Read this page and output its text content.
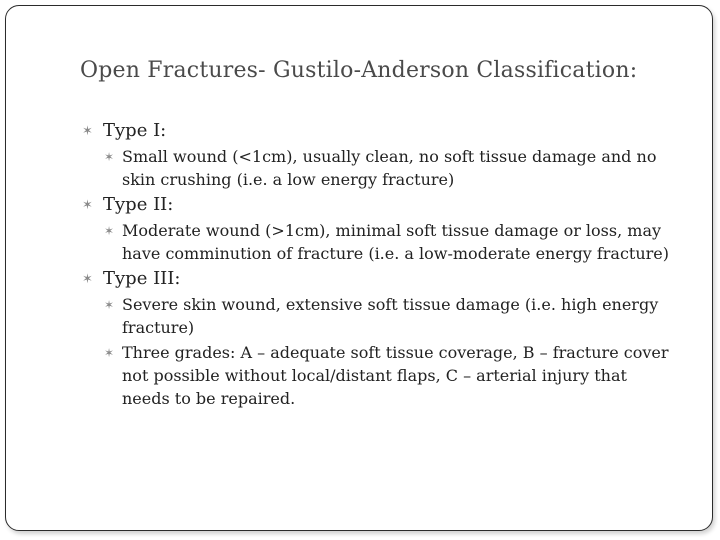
Open Fractures- Gustilo-Anderson Classification:
✶ Type I:
✶ Small wound (<1cm), usually clean, no soft tissue damage and no skin crushing (i.e. a low energy fracture)
✶ Type II:
✶ Moderate wound (>1cm), minimal soft tissue damage or loss, may have comminution of fracture (i.e. a low-moderate energy fracture)
✶ Type III:
✶ Severe skin wound, extensive soft tissue damage (i.e. high energy fracture)
✶ Three grades: A – adequate soft tissue coverage, B – fracture cover not possible without local/distant flaps, C – arterial injury that needs to be repaired.
